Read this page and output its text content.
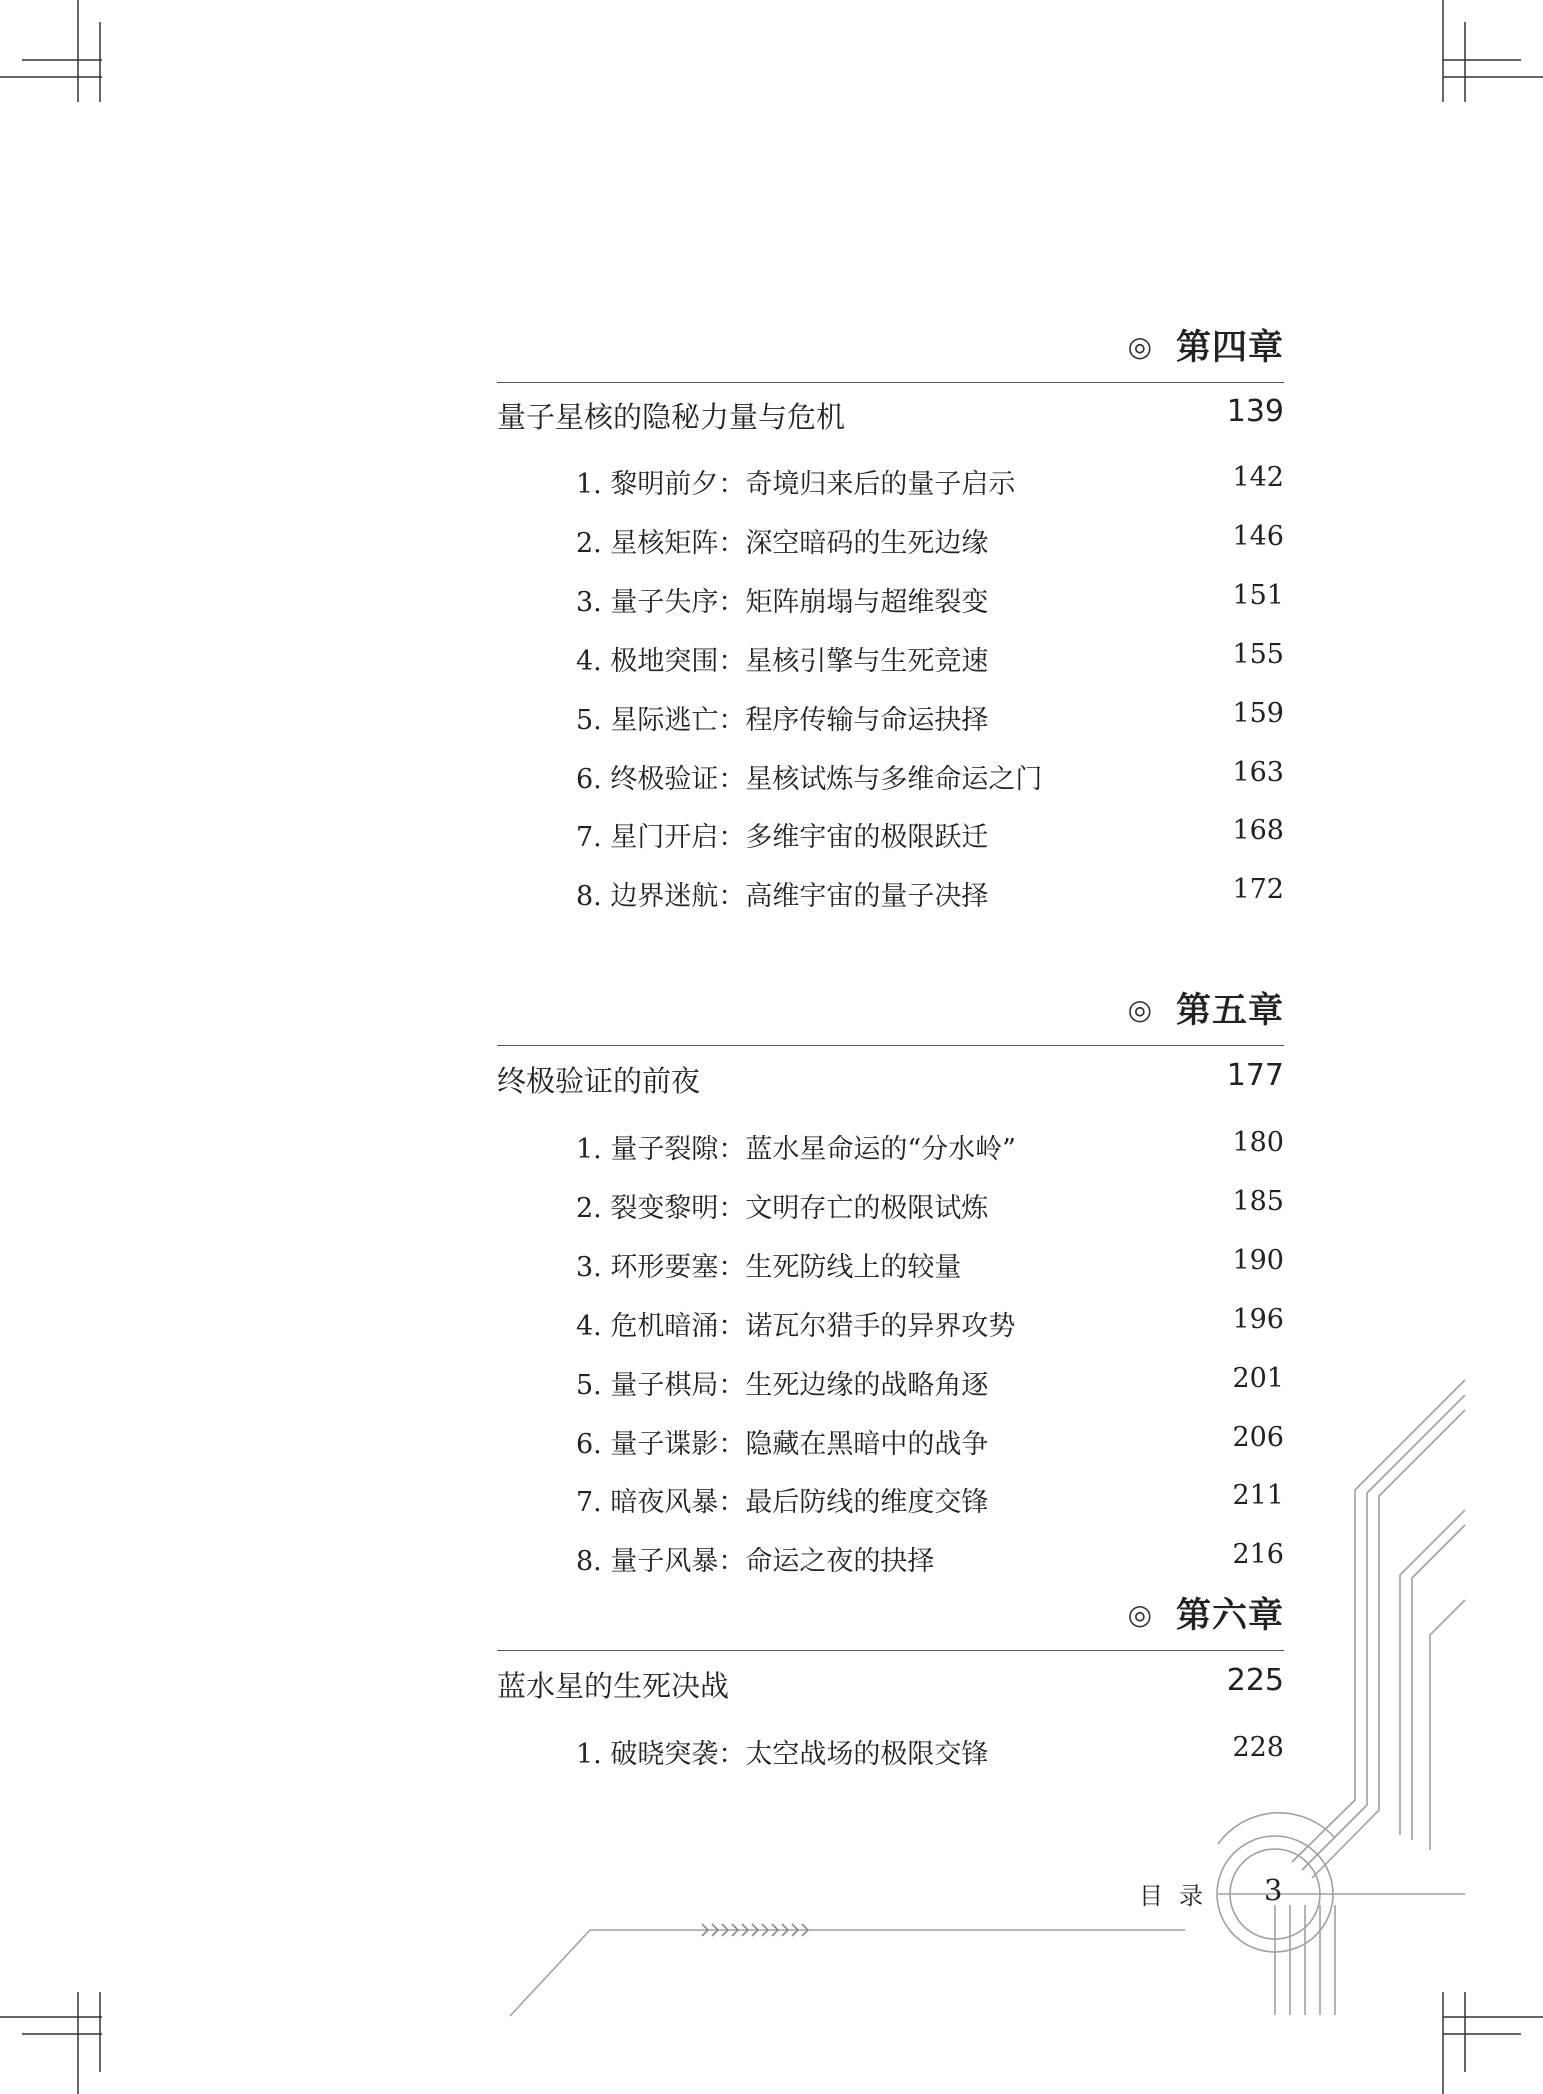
◎ 第四章
量子星核的隐秘力量与危机	139
1. 黎明前夕：奇境归来后的量子启示	142
2. 星核矩阵：深空暗码的生死边缘	146
3. 量子失序：矩阵崩塌与超维裂变	151
4. 极地突围：星核引擎与生死竞速	155
5. 星际逃亡：程序传输与命运抉择	159
6. 终极验证：星核试炼与多维命运之门	163
7. 星门开启：多维宇宙的极限跃迁	168
8. 边界迷航：高维宇宙的量子决择	172
◎ 第五章
终极验证的前夜	177
1. 量子裂隙：蓝水星命运的“分水岭”	180
2. 裂变黎明：文明存亡的极限试炼	185
3. 环形要塞：生死防线上的较量	190
4. 危机暗涌：诺瓦尔猎手的异界攻势	196
5. 量子棋局：生死边缘的战略角逐	201
6. 量子谍影：隐藏在黑暗中的战争	206
7. 暗夜风暴：最后防线的维度交锋	211
8. 量子风暴：命运之夜的抉择	216
◎ 第六章
蓝水星的生死决战	225
1. 破晓突袭：太空战场的极限交锋	228
目录 3
